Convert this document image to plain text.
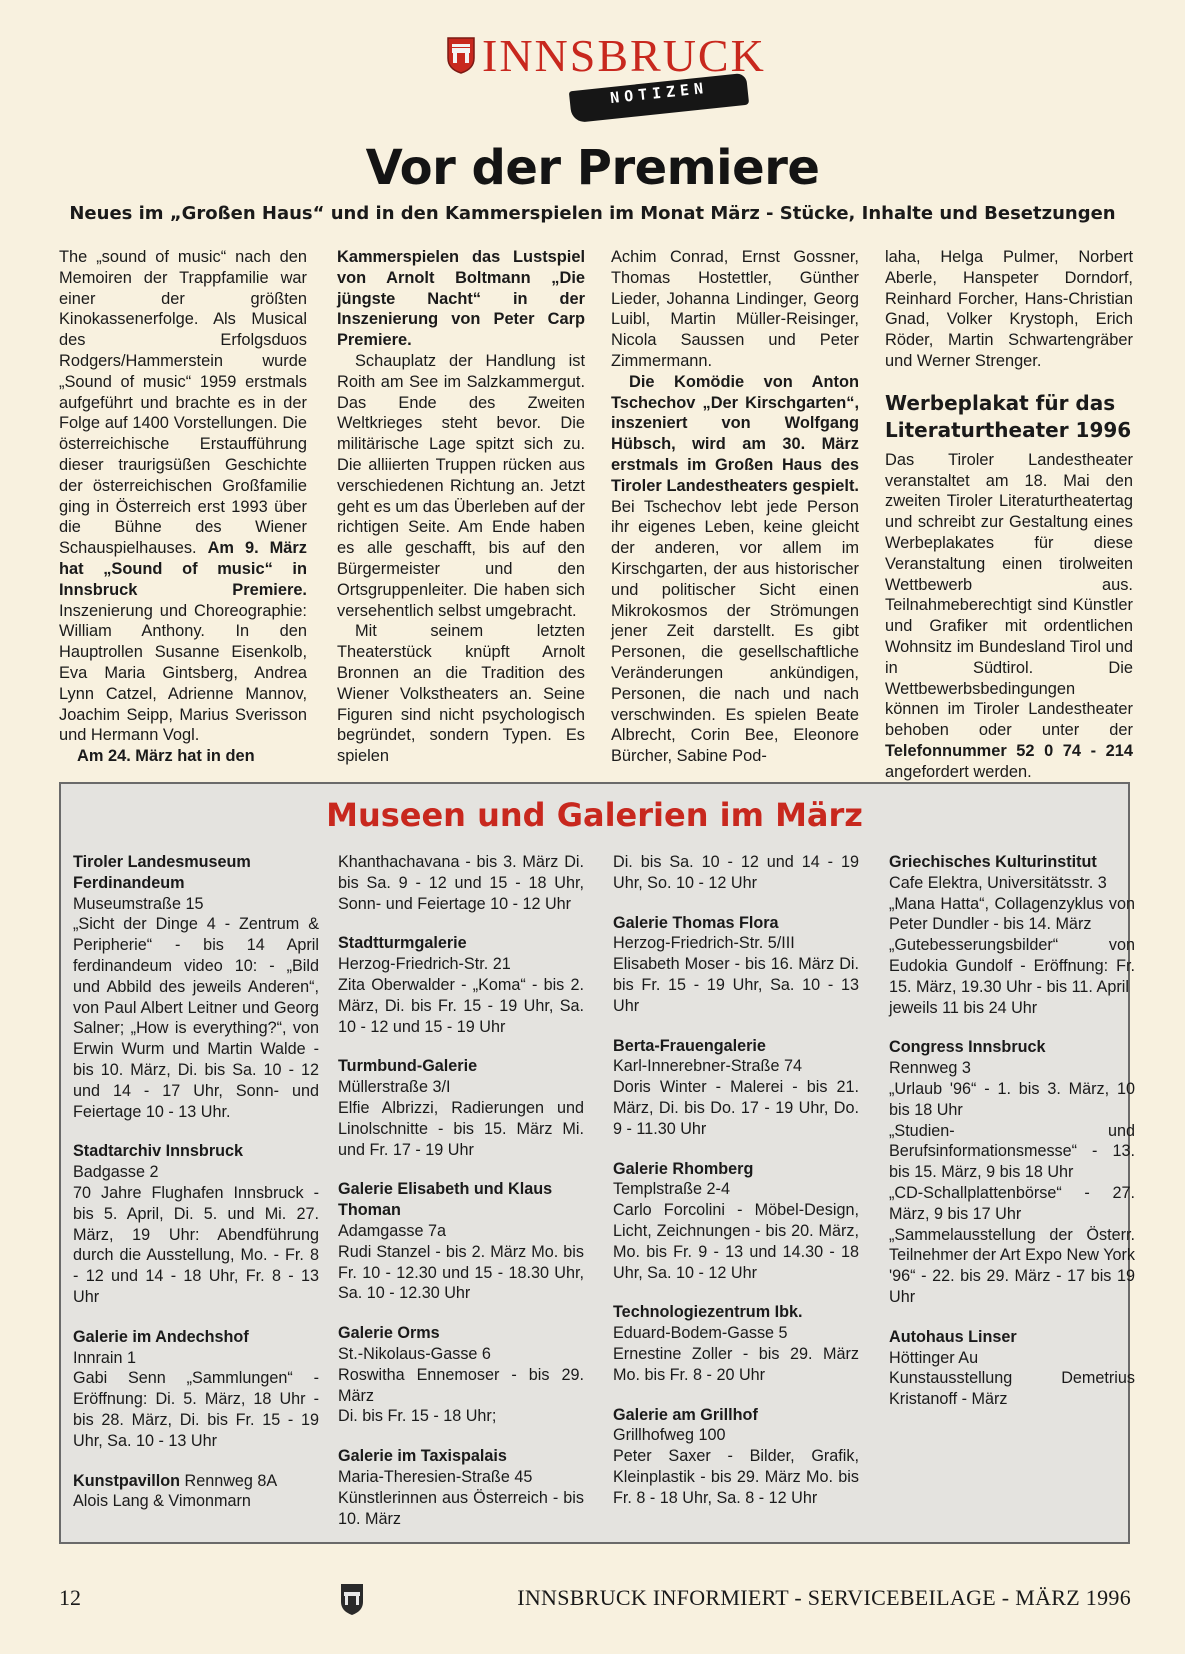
INNSBRUCK
NOTIZEN
Vor der Premiere
Neues im „Großen Haus“ und in den Kammerspielen im Monat März - Stücke, Inhalte und Besetzungen

The „sound of music“ nach den Memoiren der Trappfamilie war einer der größten Kinokassenerfolge. Als Musical des Erfolgsduos Rodgers/Hammerstein wurde „Sound of music“ 1959 erstmals aufgeführt und brachte es in der Folge auf 1400 Vorstellungen. Die österreichische Erstaufführung dieser traurigsüßen Geschichte der österreichischen Großfamilie ging in Österreich erst 1993 über die Bühne des Wiener Schauspielhauses. Am 9. März hat „Sound of music“ in Innsbruck Premiere. Inszenierung und Choreographie: William Anthony. In den Hauptrollen Susanne Eisenkolb, Eva Maria Gintsberg, Andrea Lynn Catzel, Adrienne Mannov, Joachim Seipp, Marius Sverisson und Hermann Vogl.

Am 24. März hat in den

Kammerspielen das Lustspiel von Arnolt Boltmann „Die jüngste Nacht“ in der Inszenierung von Peter Carp Premiere.

Schauplatz der Handlung ist Roith am See im Salzkammergut. Das Ende des Zweiten Weltkrieges steht bevor. Die militärische Lage spitzt sich zu. Die alliierten Truppen rücken aus verschiedenen Richtung an. Jetzt geht es um das Überleben auf der richtigen Seite. Am Ende haben es alle geschafft, bis auf den Bürgermeister und den Ortsgruppenleiter. Die haben sich versehentlich selbst umgebracht.

Mit seinem letzten Theaterstück knüpft Arnolt Bronnen an die Tradition des Wiener Volkstheaters an. Seine Figuren sind nicht psychologisch begründet, sondern Typen. Es spielen

Achim Conrad, Ernst Gossner, Thomas Hostettler, Günther Lieder, Johanna Lindinger, Georg Luibl, Martin Müller-Reisinger, Nicola Saussen und Peter Zimmermann.

Die Komödie von Anton Tschechov „Der Kirschgarten“, inszeniert von Wolfgang Hübsch, wird am 30. März erstmals im Großen Haus des Tiroler Landestheaters gespielt. Bei Tschechov lebt jede Person ihr eigenes Leben, keine gleicht der anderen, vor allem im Kirschgarten, der aus historischer und politischer Sicht einen Mikrokosmos der Strömungen jener Zeit darstellt. Es gibt Personen, die gesellschaftliche Veränderungen ankündigen, Personen, die nach und nach verschwinden. Es spielen Beate Albrecht, Corin Bee, Eleonore Bürcher, Sabine Pod-

laha, Helga Pulmer, Norbert Aberle, Hanspeter Dorndorf, Reinhard Forcher, Hans-Christian Gnad, Volker Krystoph, Erich Röder, Martin Schwartengräber und Werner Strenger.

Werbeplakat für das Literaturtheater 1996

Das Tiroler Landestheater veranstaltet am 18. Mai den zweiten Tiroler Literaturtheatertag und schreibt zur Gestaltung eines Werbeplakates für diese Veranstaltung einen tirolweiten Wettbewerb aus. Teilnahmeberechtigt sind Künstler und Grafiker mit ordentlichen Wohnsitz im Bundesland Tirol und in Südtirol. Die Wettbewerbsbedingungen können im Tiroler Landestheater behoben oder unter der Telefonnummer 52 0 74 - 214 angefordert werden.

Museen und Galerien im März
Tiroler Landesmuseum Ferdinandeum

Museumstraße 15
„Sicht der Dinge 4 - Zentrum & Peripherie“ - bis 14 April ferdinandeum video 10: - „Bild und Abbild des jeweils Anderen“, von Paul Albert Leitner und Georg Salner; „How is everything?“, von Erwin Wurm und Martin Walde - bis 10. März, Di. bis Sa. 10 - 12 und 14 - 17 Uhr, Sonn- und Feiertage 10 - 13 Uhr.

Stadtarchiv Innsbruck

Badgasse 2
70 Jahre Flughafen Innsbruck - bis 5. April, Di. 5. und Mi. 27. März, 19 Uhr: Abendführung durch die Ausstellung, Mo. - Fr. 8 - 12 und 14 - 18 Uhr, Fr. 8 - 13 Uhr

Galerie im Andechshof

Innrain 1
Gabi Senn „Sammlungen“ - Eröffnung: Di. 5. März, 18 Uhr - bis 28. März, Di. bis Fr. 15 - 19 Uhr, Sa. 10 - 13 Uhr

Kunstpavillon Rennweg 8A

Alois Lang & Vimonmarn

Khanthachavana - bis 3. März Di. bis Sa. 9 - 12 und 15 - 18 Uhr, Sonn- und Feiertage 10 - 12 Uhr

Stadtturmgalerie

Herzog-Friedrich-Str. 21
Zita Oberwalder - „Koma“ - bis 2. März, Di. bis Fr. 15 - 19 Uhr, Sa. 10 - 12 und 15 - 19 Uhr

Turmbund-Galerie

Müllerstraße 3/I
Elfie Albrizzi, Radierungen und Linolschnitte - bis 15. März Mi. und Fr. 17 - 19 Uhr

Galerie Elisabeth und Klaus Thoman

Adamgasse 7a
Rudi Stanzel - bis 2. März Mo. bis Fr. 10 - 12.30 und 15 - 18.30 Uhr, Sa. 10 - 12.30 Uhr

Galerie Orms

St.-Nikolaus-Gasse 6
Roswitha Ennemoser - bis 29. März
Di. bis Fr. 15 - 18 Uhr;

Galerie im Taxispalais

Maria-Theresien-Straße 45
Künstlerinnen aus Österreich - bis 10. März

Di. bis Sa. 10 - 12 und 14 - 19 Uhr, So. 10 - 12 Uhr

Galerie Thomas Flora

Herzog-Friedrich-Str. 5/III
Elisabeth Moser - bis 16. März Di. bis Fr. 15 - 19 Uhr, Sa. 10 - 13 Uhr

Berta-Frauengalerie

Karl-Innerebner-Straße 74
Doris Winter - Malerei - bis 21. März, Di. bis Do. 17 - 19 Uhr, Do. 9 - 11.30 Uhr

Galerie Rhomberg

Templstraße 2-4
Carlo Forcolini - Möbel-Design, Licht, Zeichnungen - bis 20. März, Mo. bis Fr. 9 - 13 und 14.30 - 18 Uhr, Sa. 10 - 12 Uhr

Technologiezentrum Ibk.

Eduard-Bodem-Gasse 5
Ernestine Zoller - bis 29. März Mo. bis Fr. 8 - 20 Uhr

Galerie am Grillhof

Grillhofweg 100
Peter Saxer - Bilder, Grafik, Kleinplastik - bis 29. März Mo. bis Fr. 8 - 18 Uhr, Sa. 8 - 12 Uhr

Griechisches Kulturinstitut

Cafe Elektra, Universitätsstr. 3
„Mana Hatta“, Collagenzyklus von Peter Dundler - bis 14. März
„Gutebesserungsbilder“ von Eudokia Gundolf - Eröffnung: Fr. 15. März, 19.30 Uhr - bis 11. April
jeweils 11 bis 24 Uhr

Congress Innsbruck

Rennweg 3
„Urlaub '96“ - 1. bis 3. März, 10 bis 18 Uhr
„Studien- und Berufsinformationsmesse“ - 13. bis 15. März, 9 bis 18 Uhr
„CD-Schallplattenbörse“ - 27. März, 9 bis 17 Uhr
„Sammelausstellung der Österr. Teilnehmer der Art Expo New York '96“ - 22. bis 29. März - 17 bis 19 Uhr

Autohaus Linser

Höttinger Au
Kunstausstellung Demetrius Kristanoff - März

12	INNSBRUCK INFORMIERT - SERVICEBEILAGE - MÄRZ 1996
